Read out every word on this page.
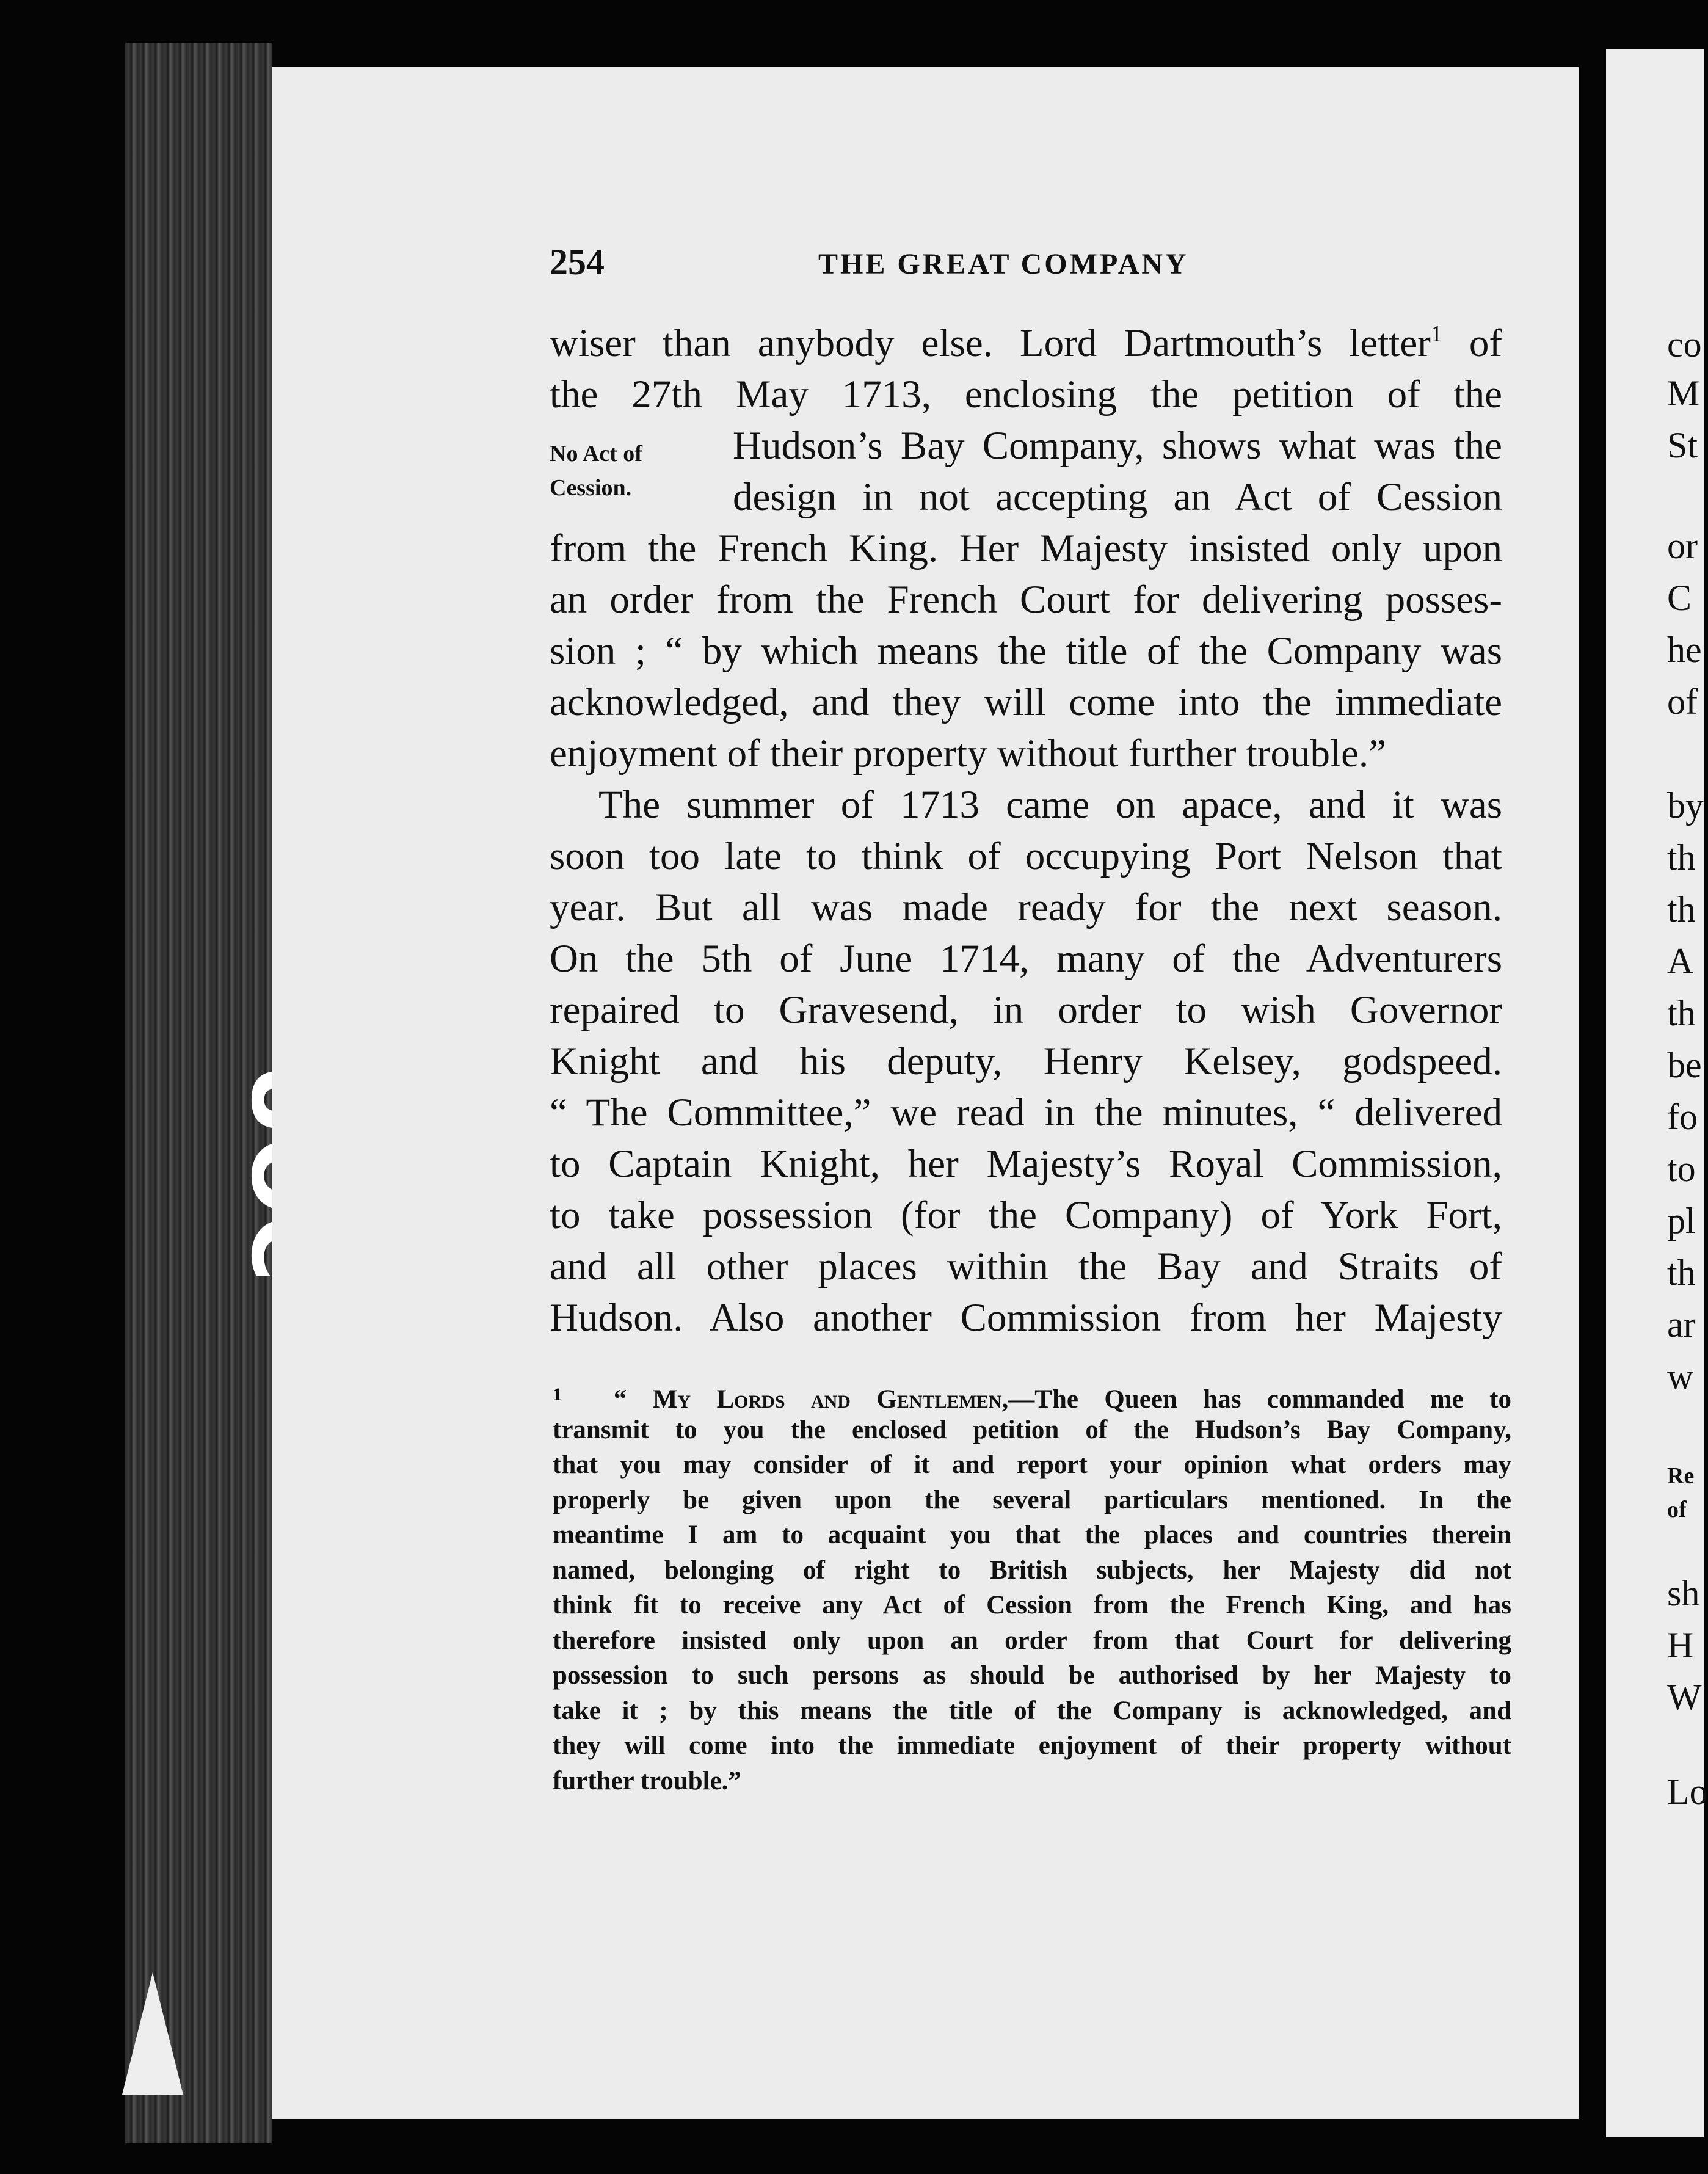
co
M
St
or
C
he
of
by
th
th
A
th
be
fo
to
pl
th
ar
w
Re
of
sh
H
W
Lo
254	THE GREAT COMPANY
No Act of
Cession.
wiser than anybody else. Lord Dartmouth’s letter$^1$ of
the 27th May 1713, enclosing the petition of the
Hudson’s Bay Company, shows what was the
design in not accepting an Act of Cession
from the French King. Her Majesty insisted only upon
an order from the French Court for delivering posses-
sion ; “ by which means the title of the Company was
acknowledged, and they will come into the immediate
enjoyment of their property without further trouble.”
The summer of 1713 came on apace, and it was
soon too late to think of occupying Port Nelson that
year. But all was made ready for the next season.
On the 5th of June 1714, many of the Adventurers
repaired to Gravesend, in order to wish Governor
Knight and his deputy, Henry Kelsey, godspeed.
“ The Committee,” we read in the minutes, “ delivered
to Captain Knight, her Majesty’s Royal Commission,
to take possession (for the Company) of York Fort,
and all other places within the Bay and Straits of
Hudson. Also another Commission from her Majesty
$^1$ “ My Lords and Gentlemen,—The Queen has commanded me to
transmit to you the enclosed petition of the Hudson’s Bay Company,
that you may consider of it and report your opinion what orders may
properly be given upon the several particulars mentioned. In the
meantime I am to acquaint you that the places and countries therein
named, belonging of right to British subjects, her Majesty did not
think fit to receive any Act of Cession from the French King, and has
therefore insisted only upon an order from that Court for delivering
possession to such persons as should be authorised by her Majesty to
take it ; by this means the title of the Company is acknowledged, and
they will come into the immediate enjoyment of their property without
further trouble.”
